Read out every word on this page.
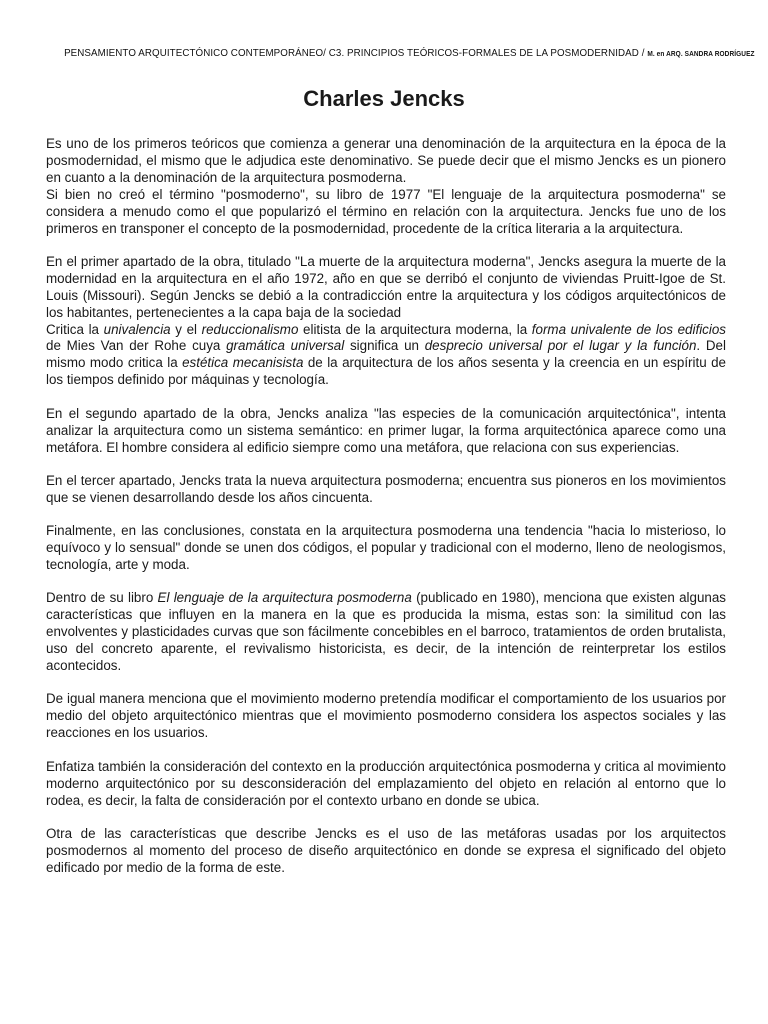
PENSAMIENTO ARQUITECTÓNICO CONTEMPORÁNEO/ C3. PRINCIPIOS TEÓRICOS-FORMALES DE LA POSMODERNIDAD / M. en ARQ. SANDRA RODRÍGUEZ
Charles Jencks

Es uno de los primeros teóricos que comienza a generar una denominación de la arquitectura en la época de la posmodernidad, el mismo que le adjudica este denominativo. Se puede decir que el mismo Jencks es un pionero en cuanto a la denominación de la arquitectura posmoderna.
Si bien no creó el término "posmoderno", su libro de 1977 "El lenguaje de la arquitectura posmoderna" se considera a menudo como el que popularizó el término en relación con la arquitectura. Jencks fue uno de los primeros en transponer el concepto de la posmodernidad, procedente de la crítica literaria a la arquitectura.

En el primer apartado de la obra, titulado "La muerte de la arquitectura moderna", Jencks asegura la muerte de la modernidad en la arquitectura en el año 1972, año en que se derribó el conjunto de viviendas Pruitt-Igoe de St. Louis (Missouri). Según Jencks se debió a la contradicción entre la arquitectura y los códigos arquitectónicos de los habitantes, pertenecientes a la capa baja de la sociedad
Critica la univalencia y el reduccionalismo elitista de la arquitectura moderna, la forma univalente de los edificios de Mies Van der Rohe cuya gramática universal significa un desprecio universal por el lugar y la función. Del mismo modo critica la estética mecanisista de la arquitectura de los años sesenta y la creencia en un espíritu de los tiempos definido por máquinas y tecnología.

En el segundo apartado de la obra, Jencks analiza "las especies de la comunicación arquitectónica", intenta analizar la arquitectura como un sistema semántico: en primer lugar, la forma arquitectónica aparece como una metáfora. El hombre considera al edificio siempre como una metáfora, que relaciona con sus experiencias.

En el tercer apartado, Jencks trata la nueva arquitectura posmoderna; encuentra sus pioneros en los movimientos que se vienen desarrollando desde los años cincuenta.

Finalmente, en las conclusiones, constata en la arquitectura posmoderna una tendencia "hacia lo misterioso, lo equívoco y lo sensual" donde se unen dos códigos, el popular y tradicional con el moderno, lleno de neologismos, tecnología, arte y moda.

Dentro de su libro El lenguaje de la arquitectura posmoderna (publicado en 1980), menciona que existen algunas características que influyen en la manera en la que es producida la misma, estas son: la similitud con las envolventes y plasticidades curvas que son fácilmente concebibles en el barroco, tratamientos de orden brutalista, uso del concreto aparente, el revivalismo historicista, es decir, de la intención de reinterpretar los estilos acontecidos.

De igual manera menciona que el movimiento moderno pretendía modificar el comportamiento de los usuarios por medio del objeto arquitectónico mientras que el movimiento posmoderno considera los aspectos sociales y las reacciones en los usuarios.

Enfatiza también la consideración del contexto en la producción arquitectónica posmoderna y critica al movimiento moderno arquitectónico por su desconsideración del emplazamiento del objeto en relación al entorno que lo rodea, es decir, la falta de consideración por el contexto urbano en donde se ubica.

Otra de las características que describe Jencks es el uso de las metáforas usadas por los arquitectos posmodernos al momento del proceso de diseño arquitectónico en donde se expresa el significado del objeto edificado por medio de la forma de este.
